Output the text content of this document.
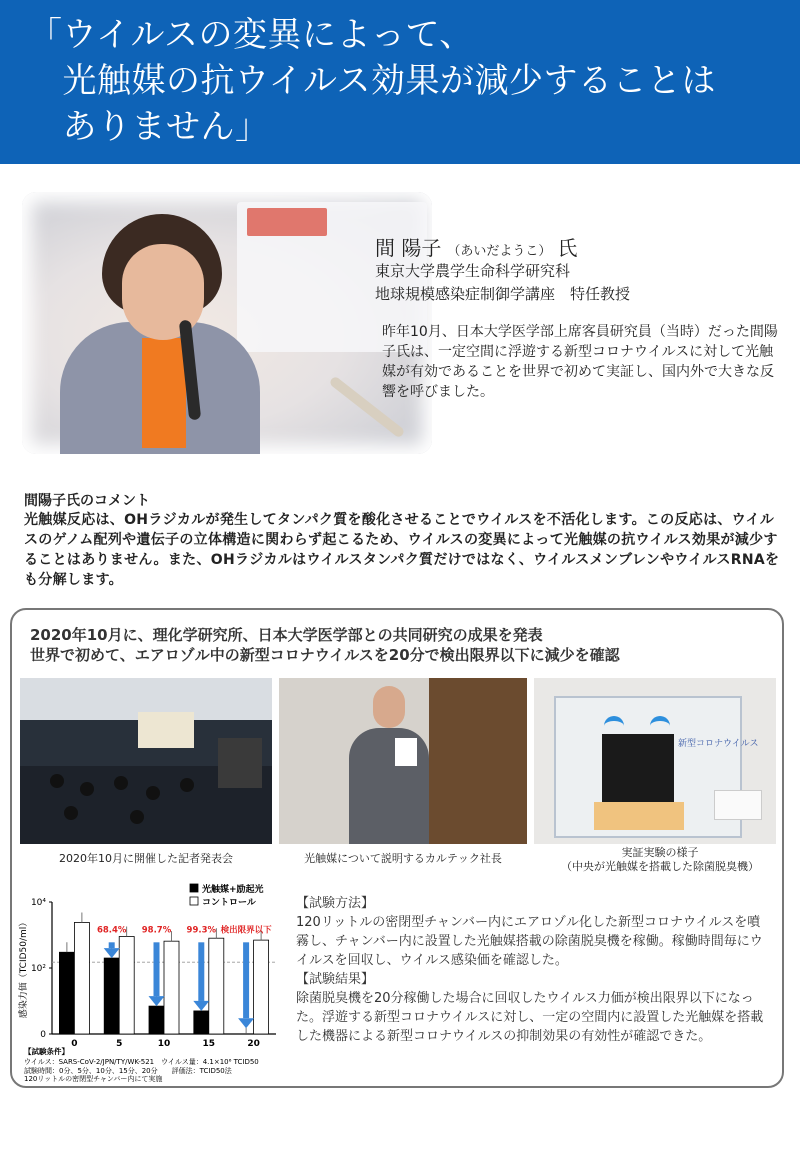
「ウイルスの変異によって、
　光触媒の抗ウイルス効果が減少することは
　ありません」
間 陽子 （あいだようこ） 氏
東京大学農学生命科学研究科
地球規模感染症制御学講座　特任教授
昨年10月、日本大学医学部上席客員研究員（当時）だった間陽子氏は、一定空間に浮遊する新型コロナウイルスに対して光触媒が有効であることを世界で初めて実証し、国内外で大きな反響を呼びました。
間陽子氏のコメント
光触媒反応は、OHラジカルが発生してタンパク質を酸化させることでウイルスを不活化します。この反応は、ウイルスのゲノム配列や遺伝子の立体構造に関わらず起こるため、ウイルスの変異によって光触媒の抗ウイルス効果が減少することはありません。また、OHラジカルはウイルスタンパク質だけではなく、ウイルスメンブレンやウイルスRNAをも分解します。
2020年10月に、理化学研究所、日本大学医学部との共同研究の成果を発表
世界で初めて、エアロゾル中の新型コロナウイルスを20分で検出限界以下に減少を確認
新型コロナウイルス
2020年10月に開催した記者発表会	光触媒について説明するカルテック社長	実証実験の様子
（中央が光触媒を搭載した除菌脱臭機）
10⁴
10²
0
感染力価（TCID50/ml）
光触媒+励起光
コントロール
0	5
68.4%
10
98.7%
15
99.3%
20
検出限界以下
【試験条件】
ウイルス：SARS-CoV-2/JPN/TY/WK-521　ウイルス量：4.1×10⁶ TCID50
試験時間：0分、5分、10分、15分、20分　　評価法：TCID50法
120リットルの密閉型チャンバー内にて実施
【試験方法】
120リットルの密閉型チャンバー内にエアロゾル化した新型コロナウイルスを噴霧し、チャンバー内に設置した光触媒搭載の除菌脱臭機を稼働。稼働時間毎にウイルスを回収し、ウイルス感染価を確認した。
【試験結果】
除菌脱臭機を20分稼働した場合に回収したウイルス力価が検出限界以下になった。浮遊する新型コロナウイルスに対し、一定の空間内に設置した光触媒を搭載した機器による新型コロナウイルスの抑制効果の有効性が確認できた。
